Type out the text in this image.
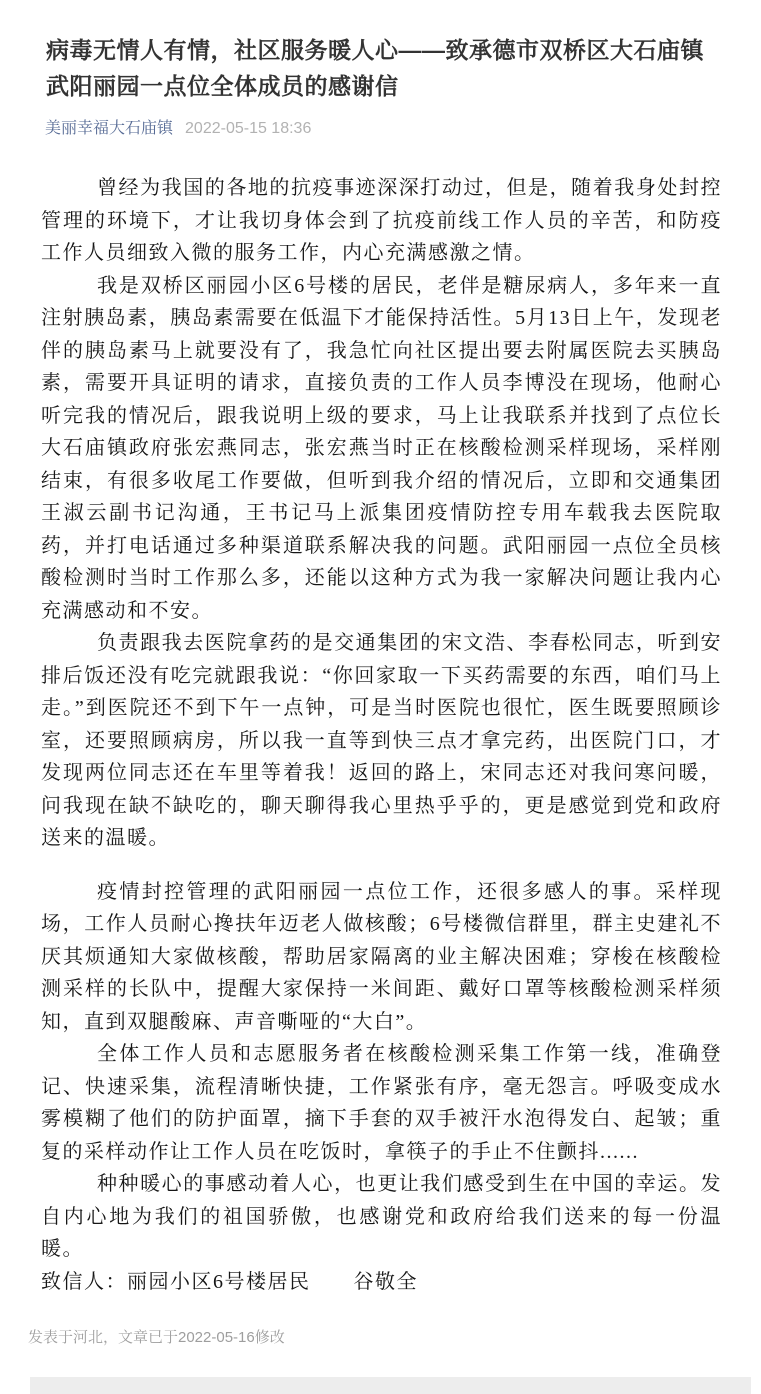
病毒无情人有情，社区服务暖人心——致承德市双桥区大石庙镇武阳丽园一点位全体成员的感谢信
美丽幸福大石庙镇 2022-05-15 18:36

曾经为我国的各地的抗疫事迹深深打动过，但是，随着我身处封控管理的环境下，才让我切身体会到了抗疫前线工作人员的辛苦，和防疫工作人员细致入微的服务工作，内心充满感激之情。

我是双桥区丽园小区6号楼的居民，老伴是糖尿病人，多年来一直注射胰岛素，胰岛素需要在低温下才能保持活性。5月13日上午，发现老伴的胰岛素马上就要没有了，我急忙向社区提出要去附属医院去买胰岛素，需要开具证明的请求，直接负责的工作人员李博没在现场，他耐心听完我的情况后，跟我说明上级的要求，马上让我联系并找到了点位长大石庙镇政府张宏燕同志，张宏燕当时正在核酸检测采样现场，采样刚结束，有很多收尾工作要做，但听到我介绍的情况后，立即和交通集团王淑云副书记沟通，王书记马上派集团疫情防控专用车载我去医院取药，并打电话通过多种渠道联系解决我的问题。武阳丽园一点位全员核酸检测时当时工作那么多，还能以这种方式为我一家解决问题让我内心充满感动和不安。

负责跟我去医院拿药的是交通集团的宋文浩、李春松同志，听到安排后饭还没有吃完就跟我说：“你回家取一下买药需要的东西，咱们马上走。”到医院还不到下午一点钟，可是当时医院也很忙，医生既要照顾诊室，还要照顾病房，所以我一直等到快三点才拿完药，出医院门口，才发现两位同志还在车里等着我！返回的路上，宋同志还对我问寒问暖，问我现在缺不缺吃的，聊天聊得我心里热乎乎的，更是感觉到党和政府送来的温暖。

疫情封控管理的武阳丽园一点位工作，还很多感人的事。采样现场，工作人员耐心搀扶年迈老人做核酸；6号楼微信群里，群主史建礼不厌其烦通知大家做核酸，帮助居家隔离的业主解决困难；穿梭在核酸检测采样的长队中，提醒大家保持一米间距、戴好口罩等核酸检测采样须知，直到双腿酸麻、声音嘶哑的“大白”。

全体工作人员和志愿服务者在核酸检测采集工作第一线，准确登记、快速采集，流程清晰快捷，工作紧张有序，毫无怨言。呼吸变成水雾模糊了他们的防护面罩，摘下手套的双手被汗水泡得发白、起皱；重复的采样动作让工作人员在吃饭时，拿筷子的手止不住颤抖......

种种暖心的事感动着人心，也更让我们感受到生在中国的幸运。发自内心地为我们的祖国骄傲，也感谢党和政府给我们送来的每一份温暖。

致信人：丽园小区6号楼居民　　谷敬全
发表于河北，文章已于2022-05-16修改
